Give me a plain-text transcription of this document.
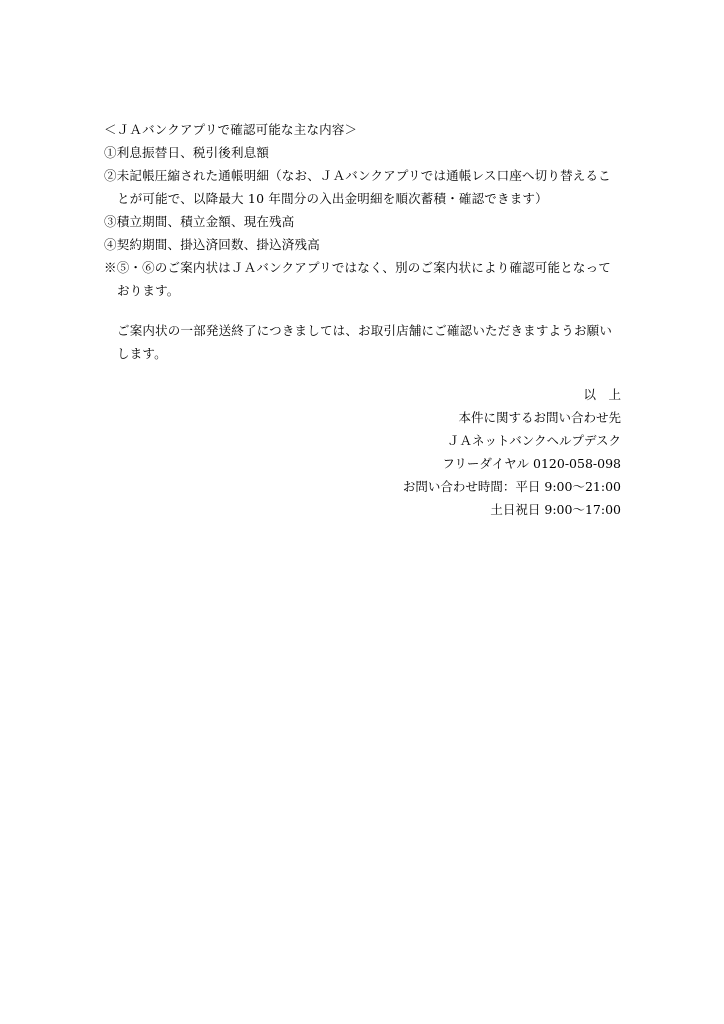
＜ＪＡバンクアプリで確認可能な主な内容＞
①利息振替日、税引後利息額
②未記帳圧縮された通帳明細（なお、ＪＡバンクアプリでは通帳レス口座へ切り替えるこ
とが可能で、以降最大 10 年間分の入出金明細を順次蓄積・確認できます）
③積立期間、積立金額、現在残高
④契約期間、掛込済回数、掛込済残高
※⑤・⑥のご案内状はＪＡバンクアプリではなく、別のご案内状により確認可能となって
おります。
ご案内状の一部発送終了につきましては、お取引店舗にご確認いただきますようお願い
します。
以　上
本件に関するお問い合わせ先
ＪＡネットバンクヘルプデスク
フリーダイヤル 0120-058-098
お問い合わせ時間：平日 9:00～21:00
土日祝日 9:00～17:00
